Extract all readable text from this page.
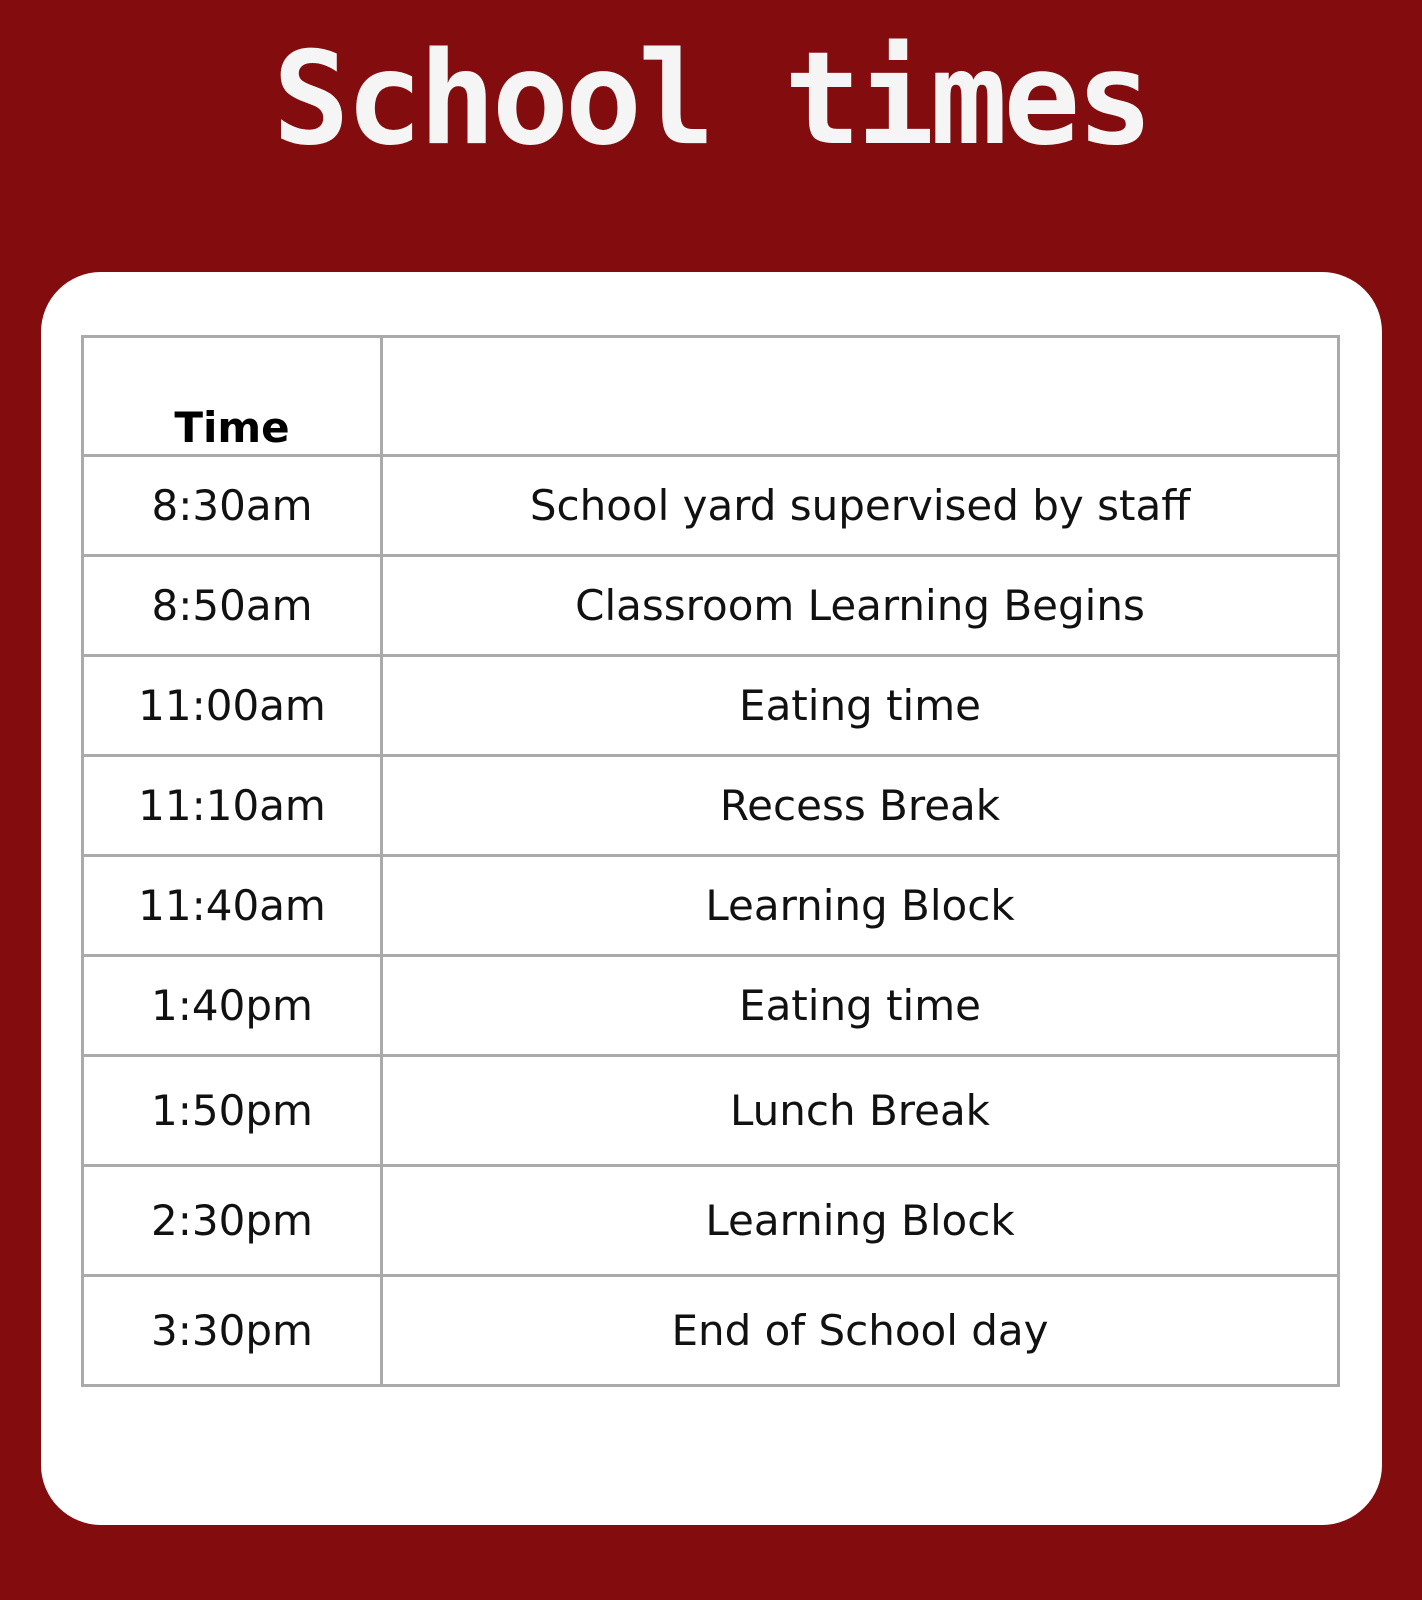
School times
Time	
8:30am	School yard supervised by staff
8:50am	Classroom Learning Begins
11:00am	Eating time
11:10am	Recess Break
11:40am	Learning Block
1:40pm	Eating time
1:50pm	Lunch Break
2:30pm	Learning Block
3:30pm	End of School day
